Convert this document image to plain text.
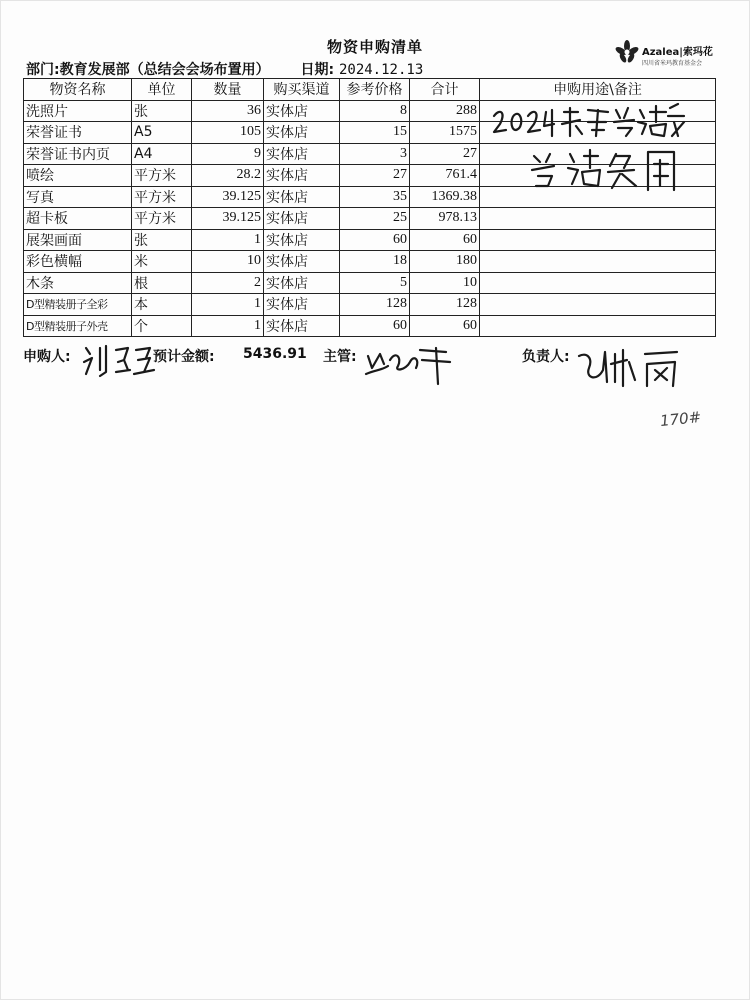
物资申购清单	Azalea|索玛花
四川省米玛教育基金会
部门:教育发展部（总结会会场布置用） 日期: 2024.12.13
物资名称	单位	数量	购买渠道	参考价格	合计	申购用途\备注
洗照片	张	36	实体店	8	288	
荣誉证书	A5	105	实体店	15	1575	
荣誉证书内页	A4	9	实体店	3	27	
喷绘	平方米	28.2	实体店	27	761.4	
写真	平方米	39.125	实体店	35	1369.38	
超卡板	平方米	39.125	实体店	25	978.13	
展架画面	张	1	实体店	60	60	
彩色横幅	米	10	实体店	18	180	
木条	根	2	实体店	5	10	
D型精装册子全彩	本	1	实体店	128	128	
D型精装册子外壳	个	1	实体店	60	60	
申购人:	预计金额: 5436.91 主管:	负责人:
170#
